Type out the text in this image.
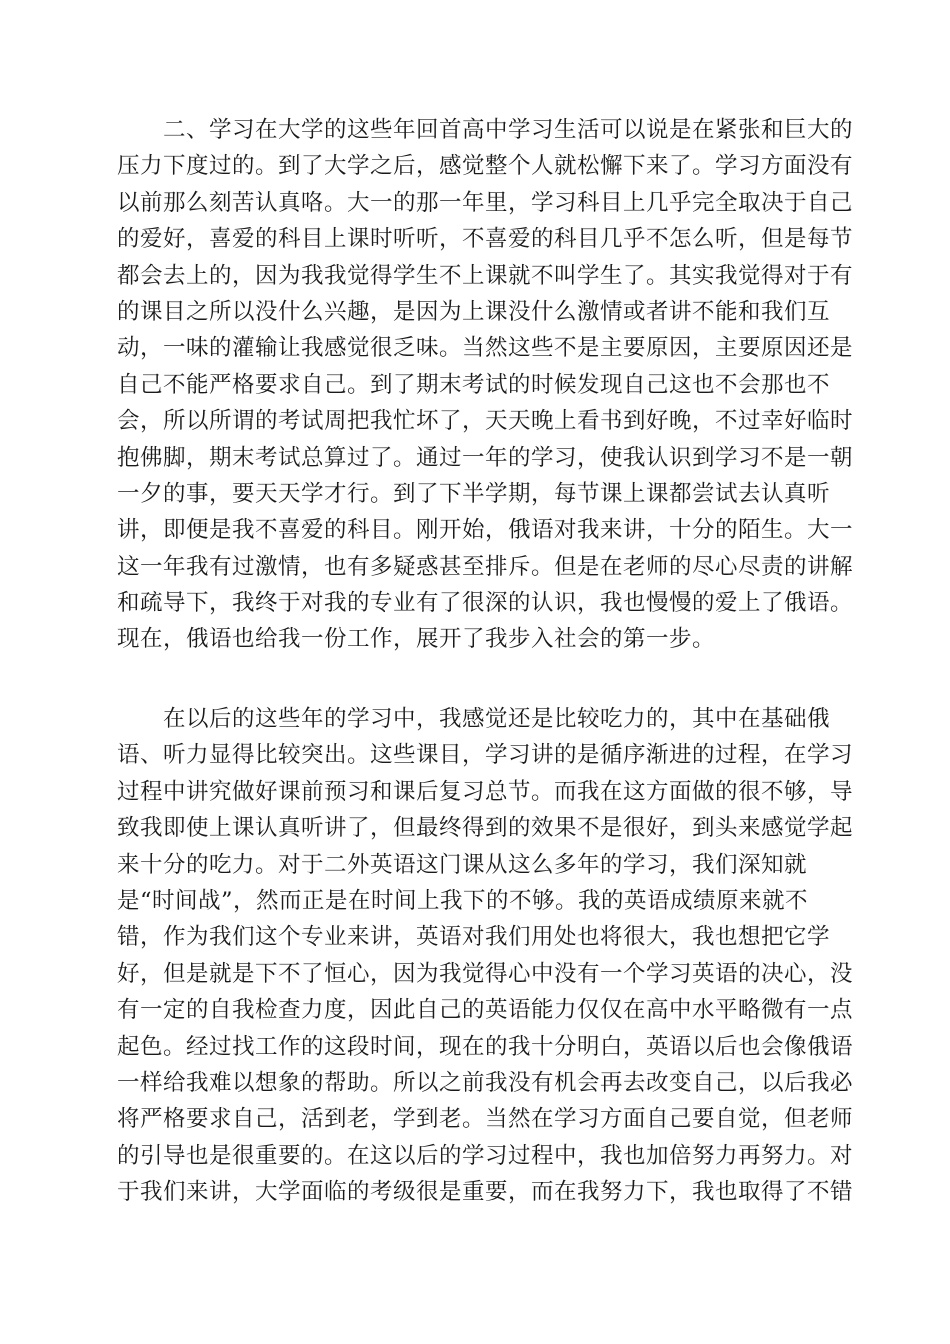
　　二、学习在大学的这些年回首高中学习生活可以说是在紧张和巨大的
压力下度过的。到了大学之后，感觉整个人就松懈下来了。学习方面没有
以前那么刻苦认真咯。大一的那一年里，学习科目上几乎完全取决于自己
的爱好，喜爱的科目上课时听听，不喜爱的科目几乎不怎么听，但是每节
都会去上的，因为我我觉得学生不上课就不叫学生了。其实我觉得对于有
的课目之所以没什么兴趣，是因为上课没什么激情或者讲不能和我们互
动，一味的灌输让我感觉很乏味。当然这些不是主要原因，主要原因还是
自己不能严格要求自己。到了期末考试的时候发现自己这也不会那也不
会，所以所谓的考试周把我忙坏了，天天晚上看书到好晚，不过幸好临时
抱佛脚，期末考试总算过了。通过一年的学习，使我认识到学习不是一朝
一夕的事，要天天学才行。到了下半学期，每节课上课都尝试去认真听
讲，即便是我不喜爱的科目。刚开始，俄语对我来讲，十分的陌生。大一
这一年我有过激情，也有多疑惑甚至排斥。但是在老师的尽心尽责的讲解
和疏导下，我终于对我的专业有了很深的认识，我也慢慢的爱上了俄语。
现在，俄语也给我一份工作，展开了我步入社会的第一步。
　　在以后的这些年的学习中，我感觉还是比较吃力的，其中在基础俄
语、听力显得比较突出。这些课目，学习讲的是循序渐进的过程，在学习
过程中讲究做好课前预习和课后复习总节。而我在这方面做的很不够，导
致我即使上课认真听讲了，但最终得到的效果不是很好，到头来感觉学起
来十分的吃力。对于二外英语这门课从这么多年的学习，我们深知就
是“时间战”，然而正是在时间上我下的不够。我的英语成绩原来就不
错，作为我们这个专业来讲，英语对我们用处也将很大，我也想把它学
好，但是就是下不了恒心，因为我觉得心中没有一个学习英语的决心，没
有一定的自我检查力度，因此自己的英语能力仅仅在高中水平略微有一点
起色。经过找工作的这段时间，现在的我十分明白，英语以后也会像俄语
一样给我难以想象的帮助。所以之前我没有机会再去改变自己，以后我必
将严格要求自己，活到老，学到老。当然在学习方面自己要自觉，但老师
的引导也是很重要的。在这以后的学习过程中，我也加倍努力再努力。对
于我们来讲，大学面临的考级很是重要，而在我努力下，我也取得了不错
